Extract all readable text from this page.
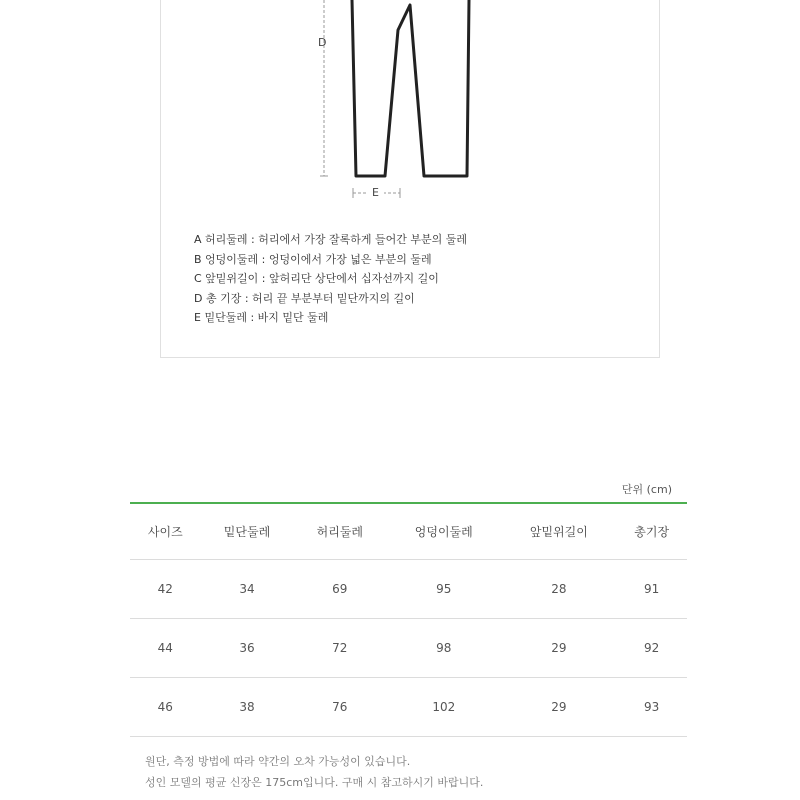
D
E
A 허리둘레 : 허리에서 가장 잘록하게 들어간 부분의 둘레
B 엉덩이둘레 : 엉덩이에서 가장 넓은 부분의 둘레
C 앞밑위길이 : 앞허리단 상단에서 십자선까지 길이
D 총 기장 : 허리 끝 부분부터 밑단까지의 길이
E 밑단둘레 : 바지 밑단 둘레
단위 (cm)
사이즈	밑단둘레	허리둘레	엉덩이둘레	앞밑위길이	총기장
42	34	69	95	28	91
44	36	72	98	29	92
46	38	76	102	29	93
원단, 측정 방법에 따라 약간의 오차 가능성이 있습니다.
성인 모델의 평균 신장은 175cm입니다. 구매 시 참고하시기 바랍니다.
